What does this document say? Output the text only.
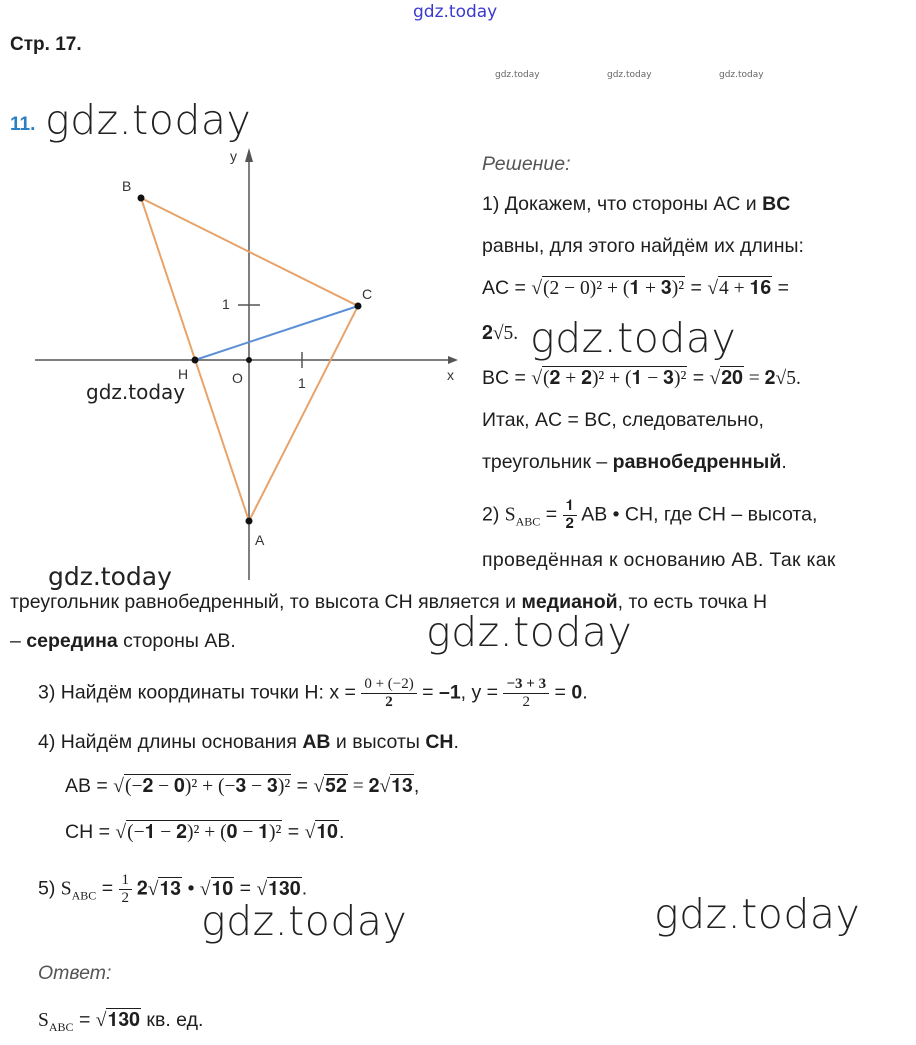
gdz.today
gdz.today	gdz.today	gdz.today
Стр. 17.
11. gdz.today
y
x
O	1
1
B
C
H
A
gdz.today
Решение:
1) Докажем, что стороны AC и BC
равны, для этого найдём их длины:
AC = √(2 − 0)² + (𝟏 + 𝟑)² = √4 + 𝟏𝟔 =
𝟐√5. gdz.today
BC = √(𝟐 + 𝟐)² + (𝟏 − 𝟑)² = √𝟐𝟎 = 𝟐√5.
Итак, AC = BC, следовательно,
треугольник – равнобедренный.
2) $S_{ABC} = \frac{𝟏}{𝟐}$ AB • CH, где CH – высота,
проведённая к основанию AB. Так как
gdz.today
треугольник равнобедренный, то высота CH является и медианой, то есть точка H
– середина стороны AB.	gdz.today
3) Найдём координаты точки H: $x = \frac{0 + (-2)}{2} = -1$, $y = \frac{-3 + 3}{2} = 0$.
4) Найдём длины основания AB и высоты CH.
AB = √(−𝟐 − 𝟎)² + (−𝟑 − 𝟑)² = √𝟓𝟐 = 𝟐√𝟏𝟑,
CH = √(−𝟏 − 𝟐)² + (𝟎 − 𝟏)² = √𝟏𝟎.
5) $S_{ABC} = \frac{1}{2}$ 𝟐√𝟏𝟑 • √𝟏𝟎 = √𝟏𝟑𝟎.
gdz.today	gdz.today
Ответ:
$S_{ABC}$ = √𝟏𝟑𝟎 кв. ед.
